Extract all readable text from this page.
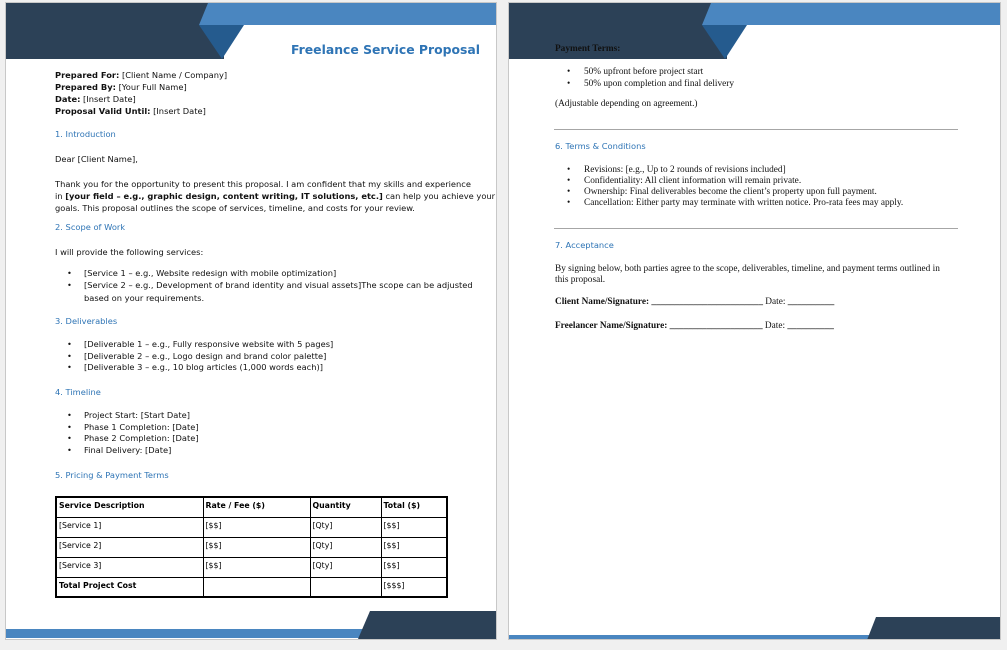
Freelance Service Proposal
Prepared For: [Client Name / Company]
Prepared By: [Your Full Name]
Date: [Insert Date]
Proposal Valid Until: [Insert Date]
1. Introduction
Dear [Client Name],
Thank you for the opportunity to present this proposal. I am confident that my skills and experience
in [your field – e.g., graphic design, content writing, IT solutions, etc.] can help you achieve your
goals. This proposal outlines the scope of services, timeline, and costs for your review.
2. Scope of Work
I will provide the following services:
• [Service 1 – e.g., Website redesign with mobile optimization]
• [Service 2 – e.g., Development of brand identity and visual assets]The scope can be adjusted
based on your requirements.
3. Deliverables
• [Deliverable 1 – e.g., Fully responsive website with 5 pages]
• [Deliverable 2 – e.g., Logo design and brand color palette]
• [Deliverable 3 – e.g., 10 blog articles (1,000 words each)]
4. Timeline
• Project Start: [Start Date]
• Phase 1 Completion: [Date]
• Phase 2 Completion: [Date]
• Final Delivery: [Date]
5. Pricing & Payment Terms
Service Description	Rate / Fee ($)	Quantity	Total ($)
[Service 1]	[$$]	[Qty]	[$$]
[Service 2]	[$$]	[Qty]	[$$]
[Service 3]	[$$]	[Qty]	[$$]
Total Project Cost			[$$$]
Payment Terms:
• 50% upfront before project start
• 50% upon completion and final delivery
(Adjustable depending on agreement.)
6. Terms & Conditions
• Revisions: [e.g., Up to 2 rounds of revisions included]
• Confidentiality: All client information will remain private.
• Ownership: Final deliverables become the client’s property upon full payment.
• Cancellation: Either party may terminate with written notice. Pro-rata fees may apply.
7. Acceptance
By signing below, both parties agree to the scope, deliverables, timeline, and payment terms outlined in
this proposal.
Client Name/Signature: ________________________ Date: __________
Freelancer Name/Signature: ____________________ Date: __________
